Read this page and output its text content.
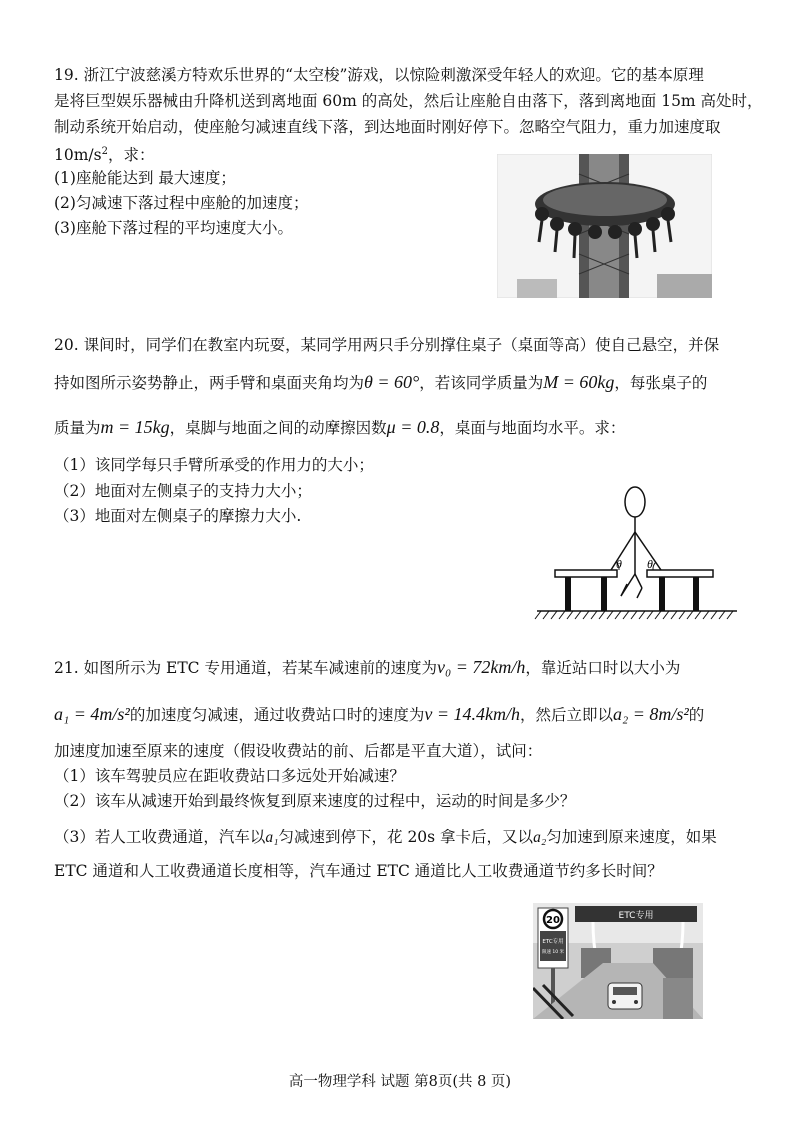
19. 浙江宁波慈溪方特欢乐世界的“太空梭”游戏，以惊险刺激深受年轻人的欢迎。它的基本原理
是将巨型娱乐器械由升降机送到离地面 60m 的高处，然后让座舱自由落下，落到离地面 15m 高处时，
制动系统开始启动，使座舱匀减速直线下落，到达地面时刚好停下。忽略空气阻力，重力加速度取
$10m/s^2$，求：
(1)座舱能达到 最大速度；
(2)匀减速下落过程中座舱的加速度；
(3)座舱下落过程的平均速度大小。
20. 课间时，同学们在教室内玩耍，某同学用两只手分别撑住桌子（桌面等高）使自己悬空，并保
持如图所示姿势静止，两手臂和桌面夹角均为θ = 60°，若该同学质量为M = 60kg，每张桌子的
质量为m = 15kg，桌脚与地面之间的动摩擦因数μ = 0.8，桌面与地面均水平。求：
（1）该同学每只手臂所承受的作用力的大小；
（2）地面对左侧桌子的支持力大小；
（3）地面对左侧桌子的摩擦力大小.
θ θ
21. 如图所示为 ETC 专用通道，若某车减速前的速度为v₀ = 72km/h，靠近站口时以大小为
a₁ = 4m/s²的加速度匀减速，通过收费站口时的速度为v = 14.4km/h，然后立即以a₂ = 8m/s²的
加速度加速至原来的速度（假设收费站的前、后都是平直大道），试问：
（1）该车驾驶员应在距收费站口多远处开始减速？
（2）该车从减速开始到最终恢复到原来速度的过程中，运动的时间是多少？
（3）若人工收费通道，汽车以a₁匀减速到停下，花 20s 拿卡后，又以a₂匀加速到原来速度，如果
ETC 通道和人工收费通道长度相等，汽车通过 ETC 通道比人工收费通道节约多长时间？
ETC专用
20
ETC专用
限速 10 米
高一物理学科 试题 第8页(共 8 页)
